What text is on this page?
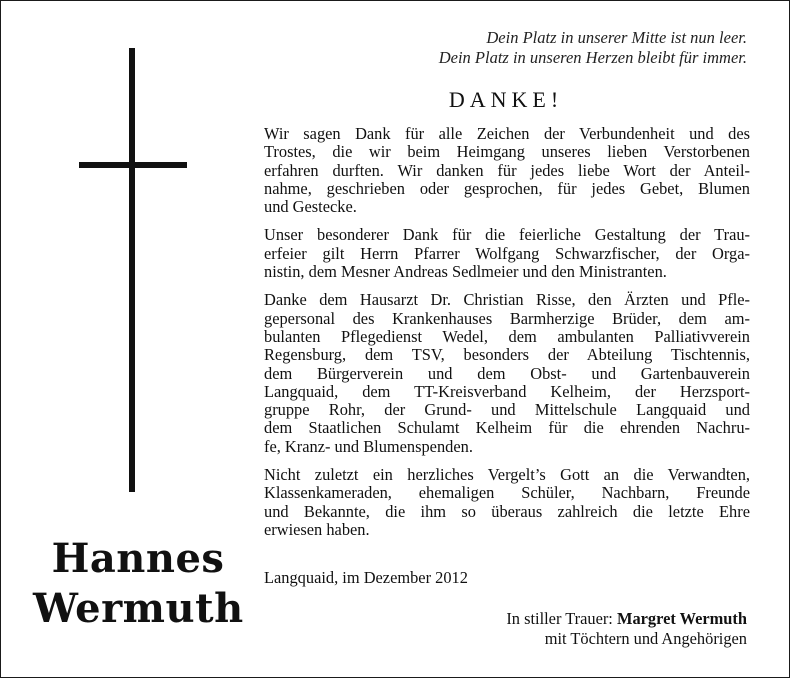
Hannes
Wermuth
Dein Platz in unserer Mitte ist nun leer.
Dein Platz in unseren Herzen bleibt für immer.
DANKE!
Wir sagen Dank für alle Zeichen der Verbundenheit und des
Trostes, die wir beim Heimgang unseres lieben Verstorbenen
erfahren durften. Wir danken für jedes liebe Wort der Anteil-
nahme, geschrieben oder gesprochen, für jedes Gebet, Blumen
und Gestecke.
Unser besonderer Dank für die feierliche Gestaltung der Trau-
erfeier gilt Herrn Pfarrer Wolfgang Schwarzfischer, der Orga-
nistin, dem Mesner Andreas Sedlmeier und den Ministranten.
Danke dem Hausarzt Dr. Christian Risse, den Ärzten und Pfle-
gepersonal des Krankenhauses Barmherzige Brüder, dem am-
bulanten Pflegedienst Wedel, dem ambulanten Palliativverein
Regensburg, dem TSV, besonders der Abteilung Tischtennis,
dem Bürgerverein und dem Obst- und Gartenbauverein
Langquaid, dem TT-Kreisverband Kelheim, der Herzsport-
gruppe Rohr, der Grund- und Mittelschule Langquaid und
dem Staatlichen Schulamt Kelheim für die ehrenden Nachru-
fe, Kranz- und Blumenspenden.
Nicht zuletzt ein herzliches Vergelt’s Gott an die Verwandten,
Klassenkameraden, ehemaligen Schüler, Nachbarn, Freunde
und Bekannte, die ihm so überaus zahlreich die letzte Ehre
erwiesen haben.
Langquaid, im Dezember 2012
In stiller Trauer: Margret Wermuth
mit Töchtern und Angehörigen
